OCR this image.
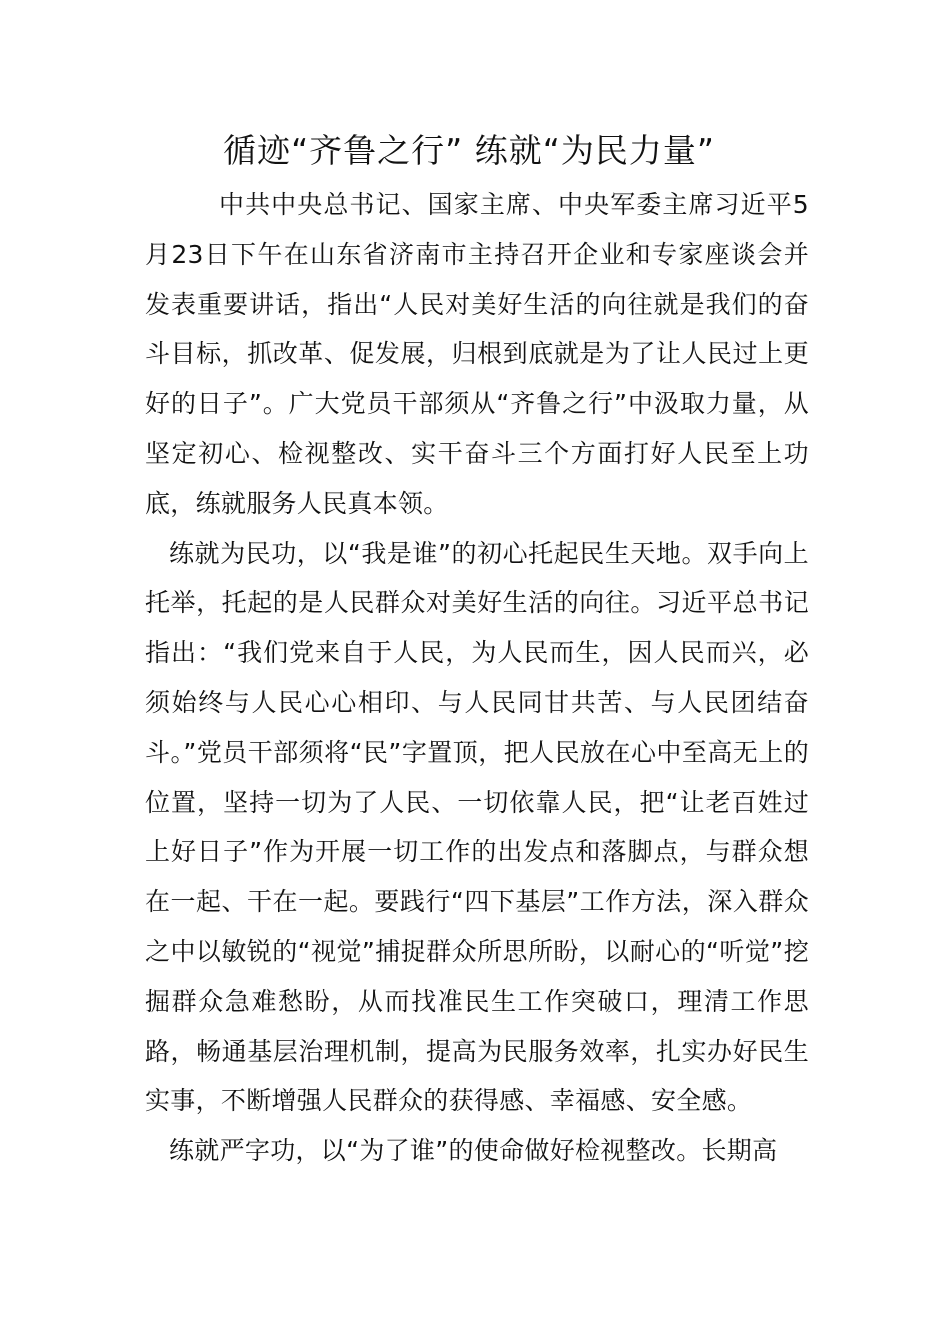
循迹“齐鲁之行” 练就“为民力量”

中共中央总书记、国家主席、中央军委主席习近平5月23日下午在山东省济南市主持召开企业和专家座谈会并发表重要讲话，指出“人民对美好生活的向往就是我们的奋斗目标，抓改革、促发展，归根到底就是为了让人民过上更好的日子”。广大党员干部须从“齐鲁之行”中汲取力量，从坚定初心、检视整改、实干奋斗三个方面打好人民至上功底，练就服务人民真本领。

练就为民功，以“我是谁”的初心托起民生天地。双手向上托举，托起的是人民群众对美好生活的向往。习近平总书记指出：“我们党来自于人民，为人民而生，因人民而兴，必须始终与人民心心相印、与人民同甘共苦、与人民团结奋斗。”党员干部须将“民”字置顶，把人民放在心中至高无上的位置，坚持一切为了人民、一切依靠人民，把“让老百姓过上好日子”作为开展一切工作的出发点和落脚点，与群众想在一起、干在一起。要践行“四下基层”工作方法，深入群众之中以敏锐的“视觉”捕捉群众所思所盼，以耐心的“听觉”挖掘群众急难愁盼，从而找准民生工作突破口，理清工作思路，畅通基层治理机制，提高为民服务效率，扎实办好民生实事，不断增强人民群众的获得感、幸福感、安全感。

练就严字功，以“为了谁”的使命做好检视整改。长期高
